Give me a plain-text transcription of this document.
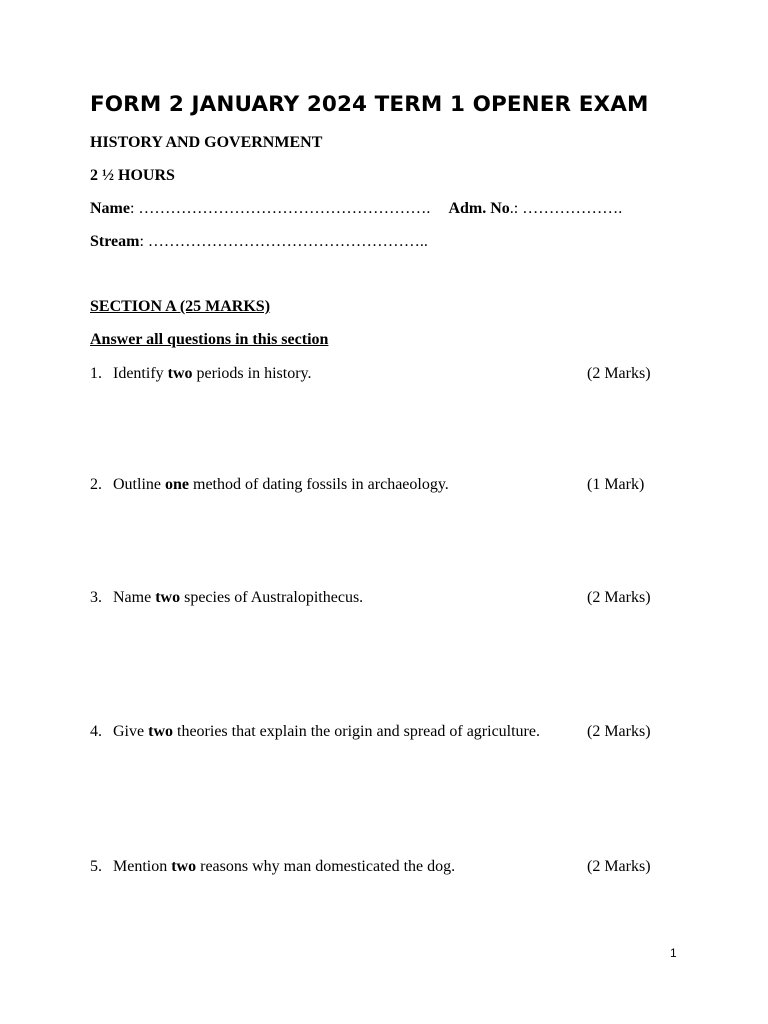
FORM 2 JANUARY 2024 TERM 1 OPENER EXAM
HISTORY AND GOVERNMENT
2 ½ HOURS
Name: ………………………………………………. Adm. No.: ……………….
Stream: ……………………………………………..
SECTION A (25 MARKS)
Answer all questions in this section
1. Identify two periods in history.	(2 Marks)
2. Outline one method of dating fossils in archaeology.	(1 Mark)
3. Name two species of Australopithecus.	(2 Marks)
4. Give two theories that explain the origin and spread of agriculture.	(2 Marks)
5. Mention two reasons why man domesticated the dog.	(2 Marks)
1
